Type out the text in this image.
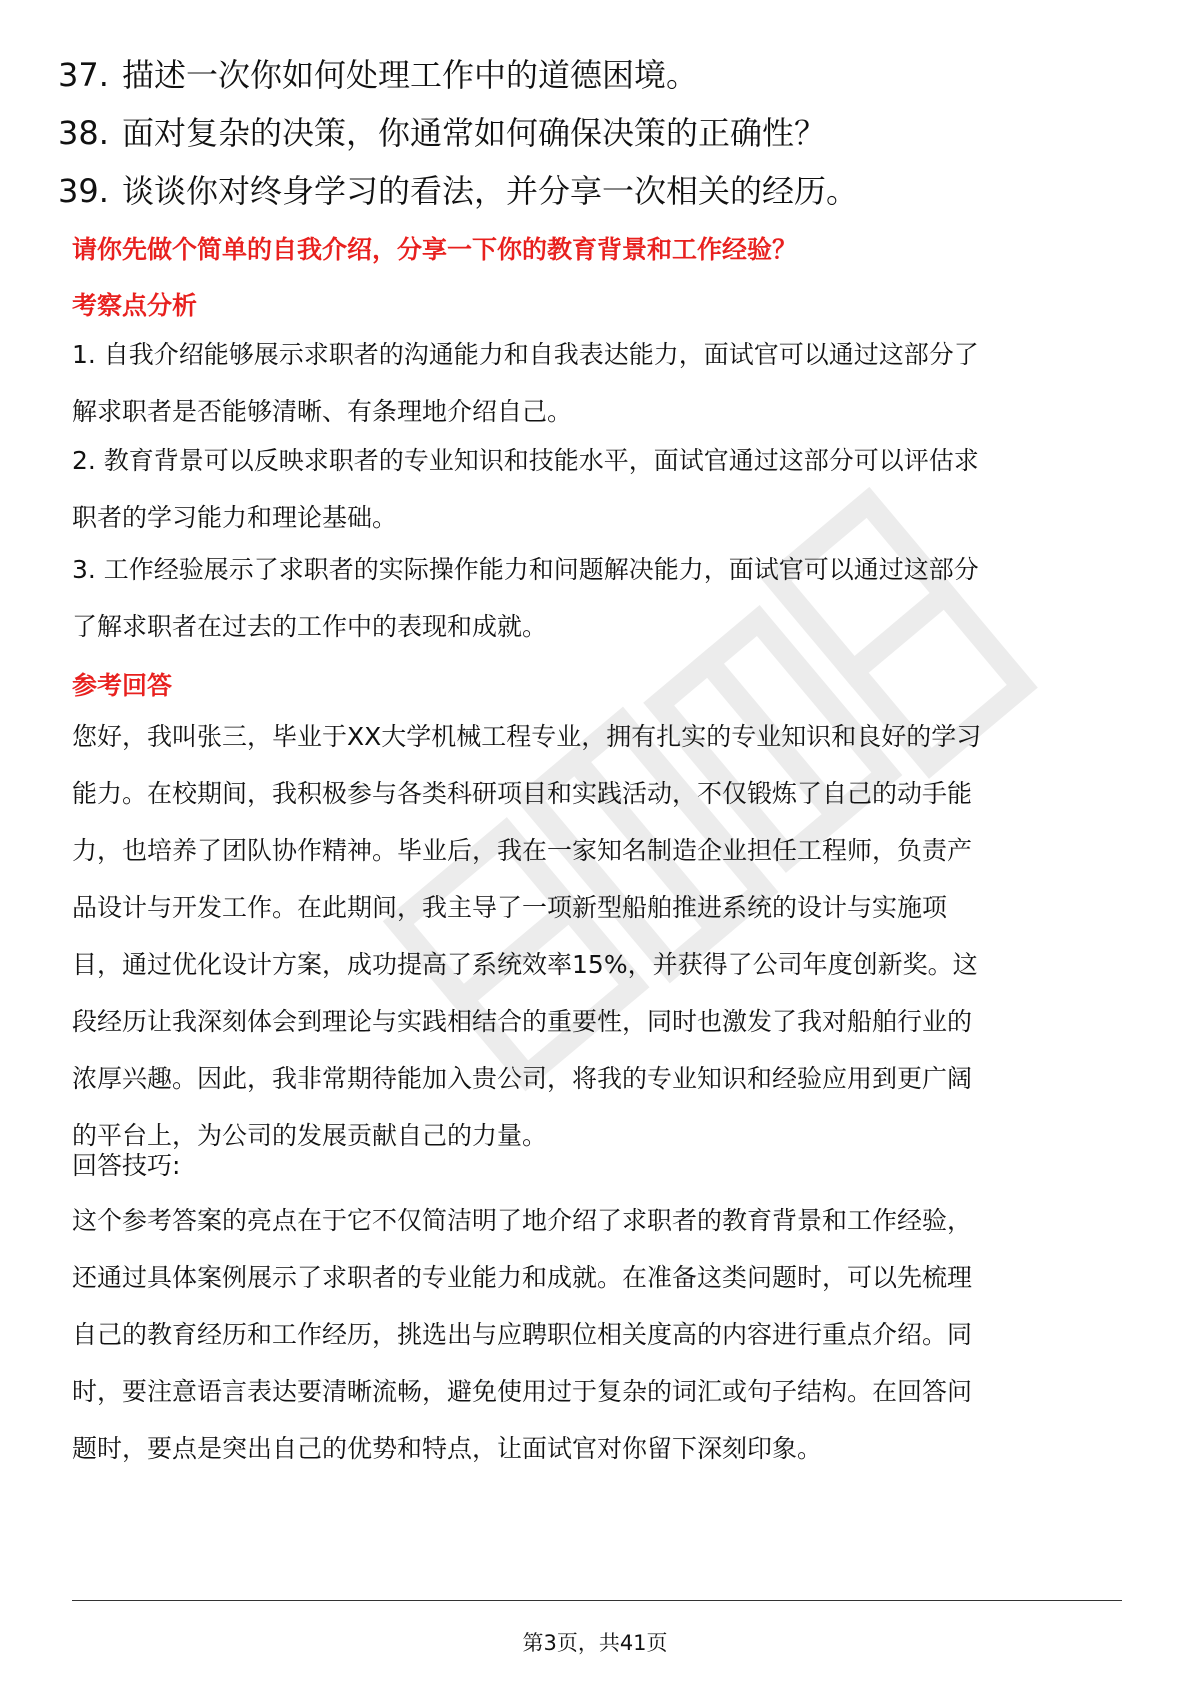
37. 描述一次你如何处理工作中的道德困境。
38. 面对复杂的决策，你通常如何确保决策的正确性？
39. 谈谈你对终身学习的看法，并分享一次相关的经历。
请你先做个简单的自我介绍，分享一下你的教育背景和工作经验？
考察点分析
1. 自我介绍能够展示求职者的沟通能力和自我表达能力，面试官可以通过这部分了
解求职者是否能够清晰、有条理地介绍自己。
2. 教育背景可以反映求职者的专业知识和技能水平，面试官通过这部分可以评估求
职者的学习能力和理论基础。
3. 工作经验展示了求职者的实际操作能力和问题解决能力，面试官可以通过这部分
了解求职者在过去的工作中的表现和成就。
参考回答
您好，我叫张三，毕业于XX大学机械工程专业，拥有扎实的专业知识和良好的学习
能力。在校期间，我积极参与各类科研项目和实践活动，不仅锻炼了自己的动手能
力，也培养了团队协作精神。毕业后，我在一家知名制造企业担任工程师，负责产
品设计与开发工作。在此期间，我主导了一项新型船舶推进系统的设计与实施项
目，通过优化设计方案，成功提高了系统效率15%，并获得了公司年度创新奖。这
段经历让我深刻体会到理论与实践相结合的重要性，同时也激发了我对船舶行业的
浓厚兴趣。因此，我非常期待能加入贵公司，将我的专业知识和经验应用到更广阔
的平台上，为公司的发展贡献自己的力量。
回答技巧:
这个参考答案的亮点在于它不仅简洁明了地介绍了求职者的教育背景和工作经验，
还通过具体案例展示了求职者的专业能力和成就。在准备这类问题时，可以先梳理
自己的教育经历和工作经历，挑选出与应聘职位相关度高的内容进行重点介绍。同
时，要注意语言表达要清晰流畅，避免使用过于复杂的词汇或句子结构。在回答问
题时，要点是突出自己的优势和特点，让面试官对你留下深刻印象。
第3页，共41页
